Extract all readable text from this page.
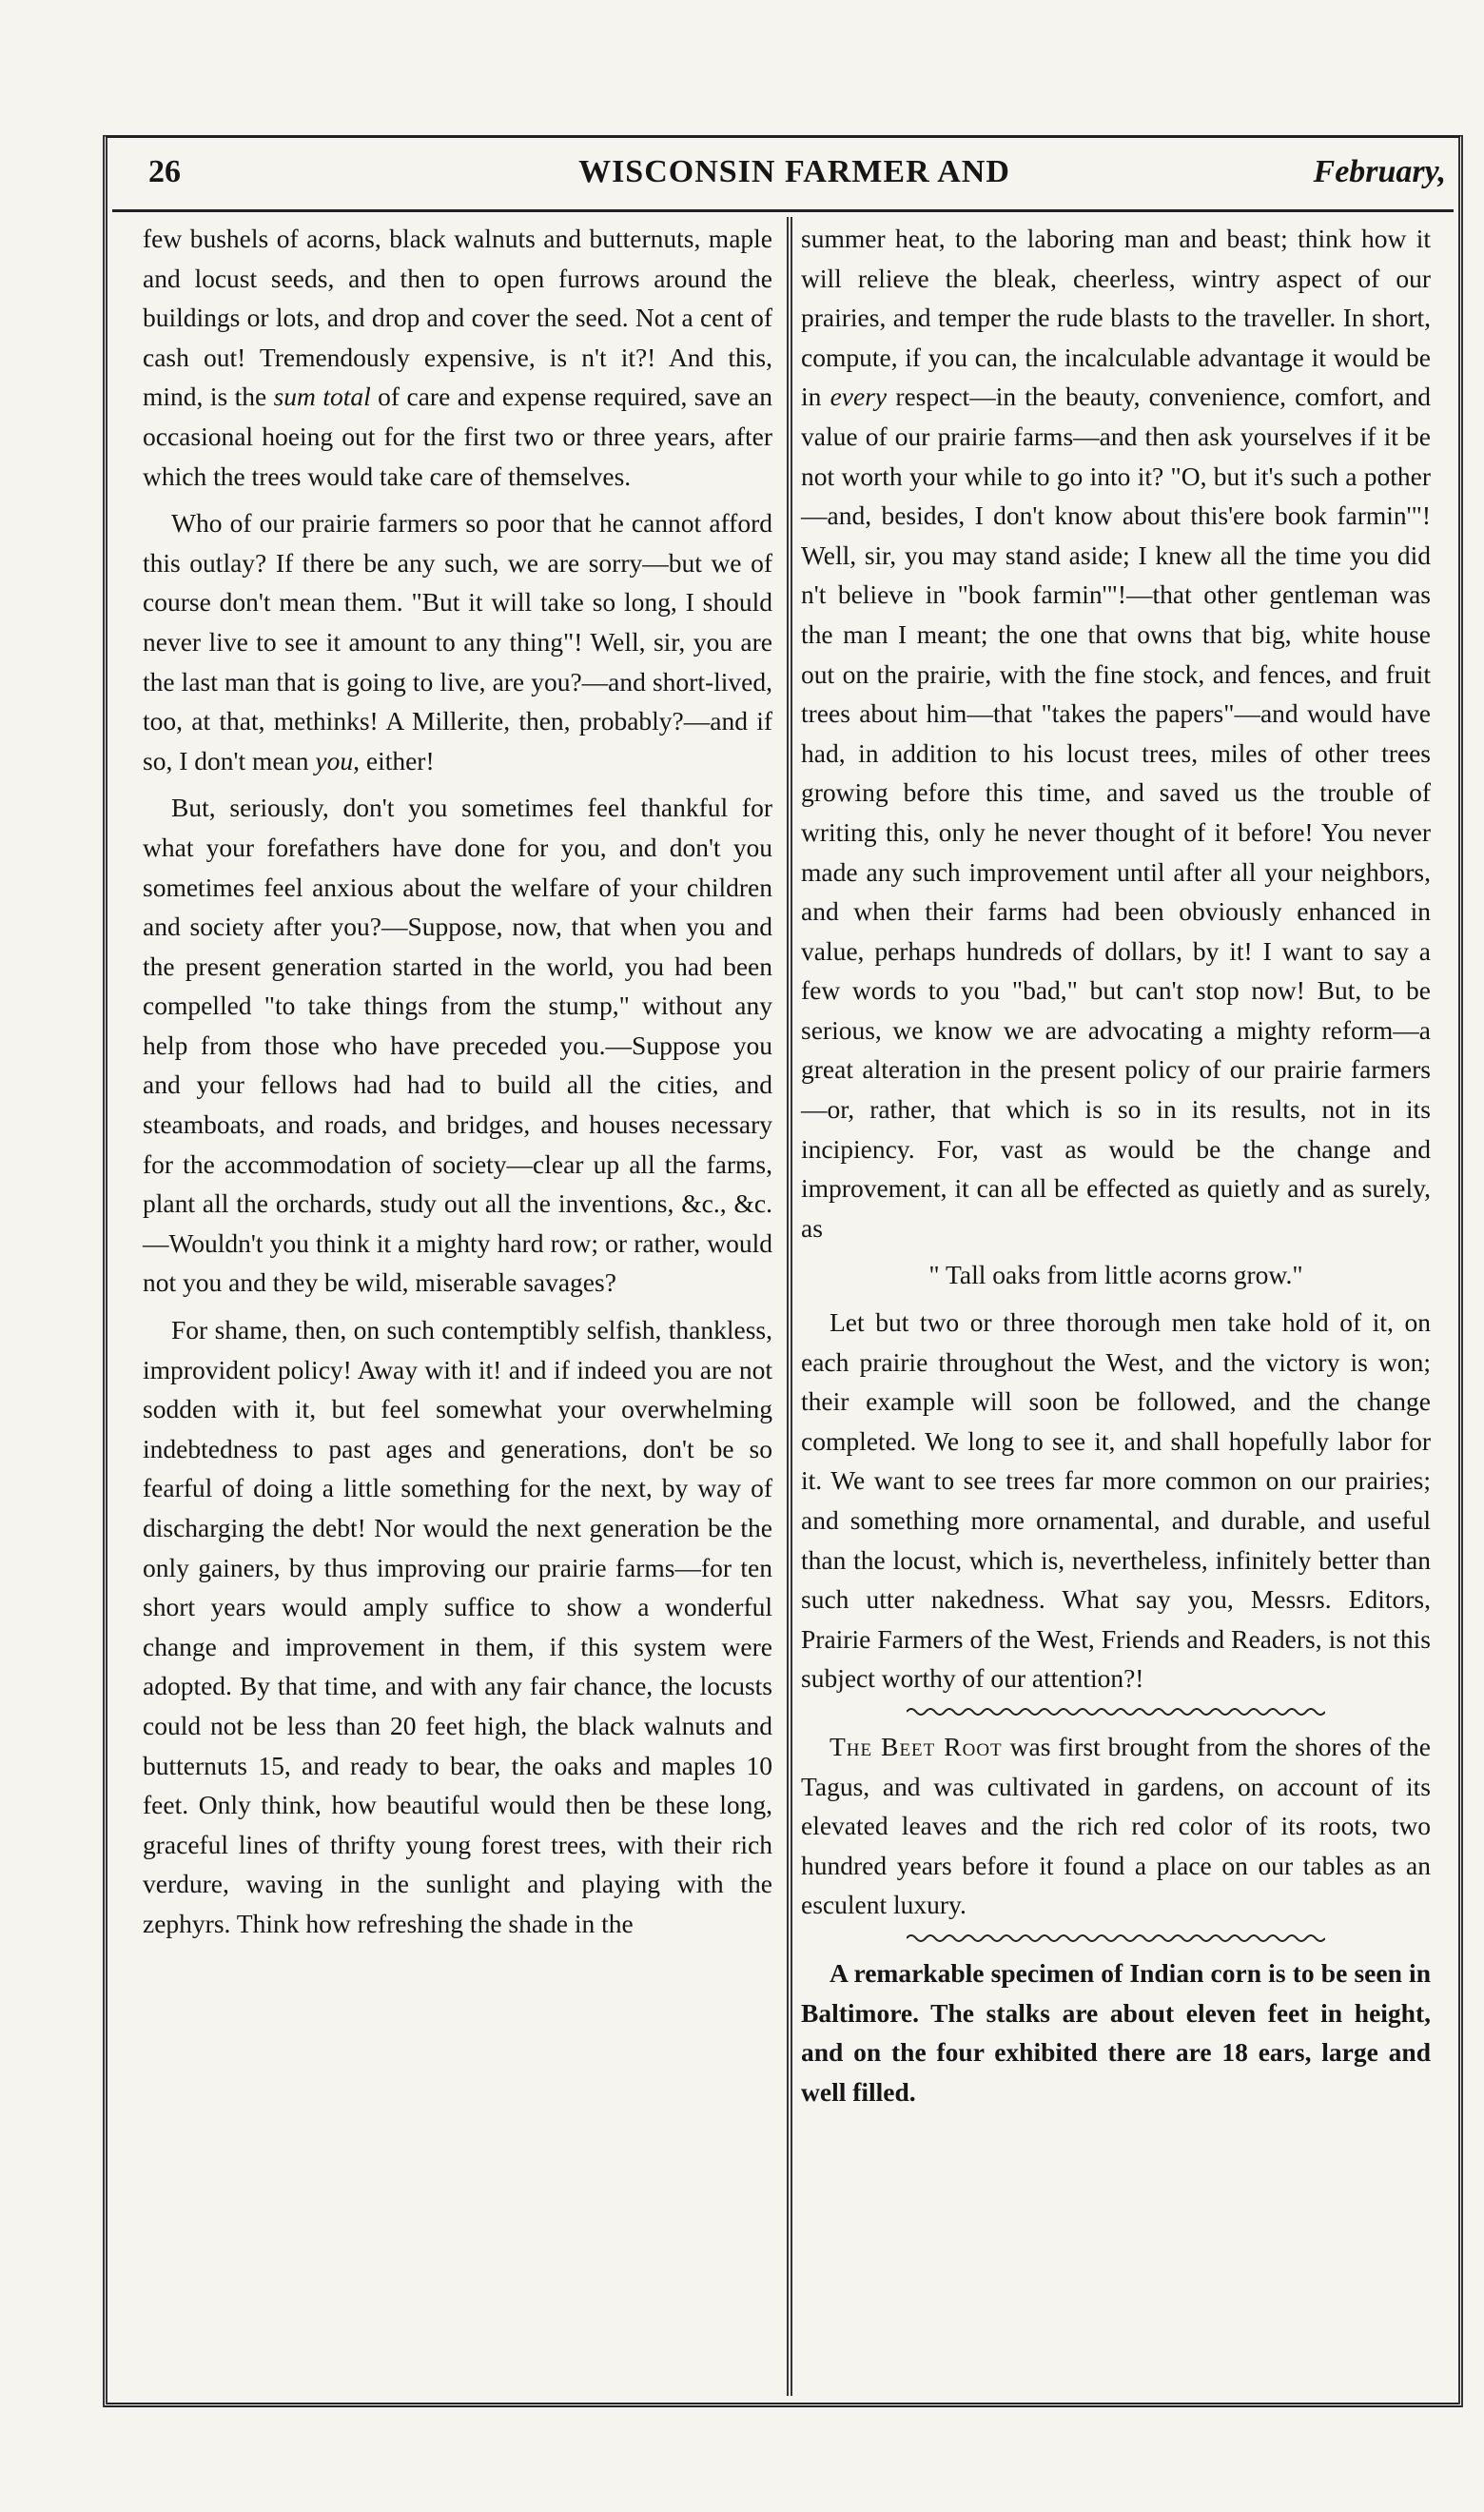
WISCONSIN FARMER AND
26	February,

few bushels of acorns, black walnuts and butternuts, maple and locust seeds, and then to open furrows around the buildings or lots, and drop and cover the seed. Not a cent of cash out! Tremendously expensive, is n't it?! And this, mind, is the sum total of care and expense required, save an occasional hoeing out for the first two or three years, after which the trees would take care of themselves.

Who of our prairie farmers so poor that he cannot afford this outlay? If there be any such, we are sorry—but we of course don't mean them. "But it will take so long, I should never live to see it amount to any thing"! Well, sir, you are the last man that is going to live, are you?—and short-lived, too, at that, methinks! A Millerite, then, probably?—and if so, I don't mean you, either!

But, seriously, don't you sometimes feel thankful for what your forefathers have done for you, and don't you sometimes feel anxious about the welfare of your children and society after you?—Suppose, now, that when you and the present generation started in the world, you had been compelled "to take things from the stump," without any help from those who have preceded you.—Suppose you and your fellows had had to build all the cities, and steamboats, and roads, and bridges, and houses necessary for the accommodation of society—clear up all the farms, plant all the orchards, study out all the inventions, &c., &c.—Wouldn't you think it a mighty hard row; or rather, would not you and they be wild, miserable savages?

For shame, then, on such contemptibly selfish, thankless, improvident policy! Away with it! and if indeed you are not sodden with it, but feel somewhat your overwhelming indebtedness to past ages and generations, don't be so fearful of doing a little something for the next, by way of discharging the debt! Nor would the next generation be the only gainers, by thus improving our prairie farms—for ten short years would amply suffice to show a wonderful change and improvement in them, if this system were adopted. By that time, and with any fair chance, the locusts could not be less than 20 feet high, the black walnuts and butternuts 15, and ready to bear, the oaks and maples 10 feet. Only think, how beautiful would then be these long, graceful lines of thrifty young forest trees, with their rich verdure, waving in the sunlight and playing with the zephyrs. Think how refreshing the shade in the

summer heat, to the laboring man and beast; think how it will relieve the bleak, cheerless, wintry aspect of our prairies, and temper the rude blasts to the traveller. In short, compute, if you can, the incalculable advantage it would be in every respect—in the beauty, convenience, comfort, and value of our prairie farms—and then ask yourselves if it be not worth your while to go into it? "O, but it's such a pother—and, besides, I don't know about this'ere book farmin'"! Well, sir, you may stand aside; I knew all the time you did n't believe in "book farmin'"!—that other gentleman was the man I meant; the one that owns that big, white house out on the prairie, with the fine stock, and fences, and fruit trees about him—that "takes the papers"—and would have had, in addition to his locust trees, miles of other trees growing before this time, and saved us the trouble of writing this, only he never thought of it before! You never made any such improvement until after all your neighbors, and when their farms had been obviously enhanced in value, perhaps hundreds of dollars, by it! I want to say a few words to you "bad," but can't stop now! But, to be serious, we know we are advocating a mighty reform—a great alteration in the present policy of our prairie farmers—or, rather, that which is so in its results, not in its incipiency. For, vast as would be the change and improvement, it can all be effected as quietly and as surely, as

" Tall oaks from little acorns grow."

Let but two or three thorough men take hold of it, on each prairie throughout the West, and the victory is won; their example will soon be followed, and the change completed. We long to see it, and shall hopefully labor for it. We want to see trees far more common on our prairies; and something more ornamental, and durable, and useful than the locust, which is, nevertheless, infinitely better than such utter nakedness. What say you, Messrs. Editors, Prairie Farmers of the West, Friends and Readers, is not this subject worthy of our attention?!

The Beet Root was first brought from the shores of the Tagus, and was cultivated in gardens, on account of its elevated leaves and the rich red color of its roots, two hundred years before it found a place on our tables as an esculent luxury.

A remarkable specimen of Indian corn is to be seen in Baltimore. The stalks are about eleven feet in height, and on the four exhibited there are 18 ears, large and well filled.
